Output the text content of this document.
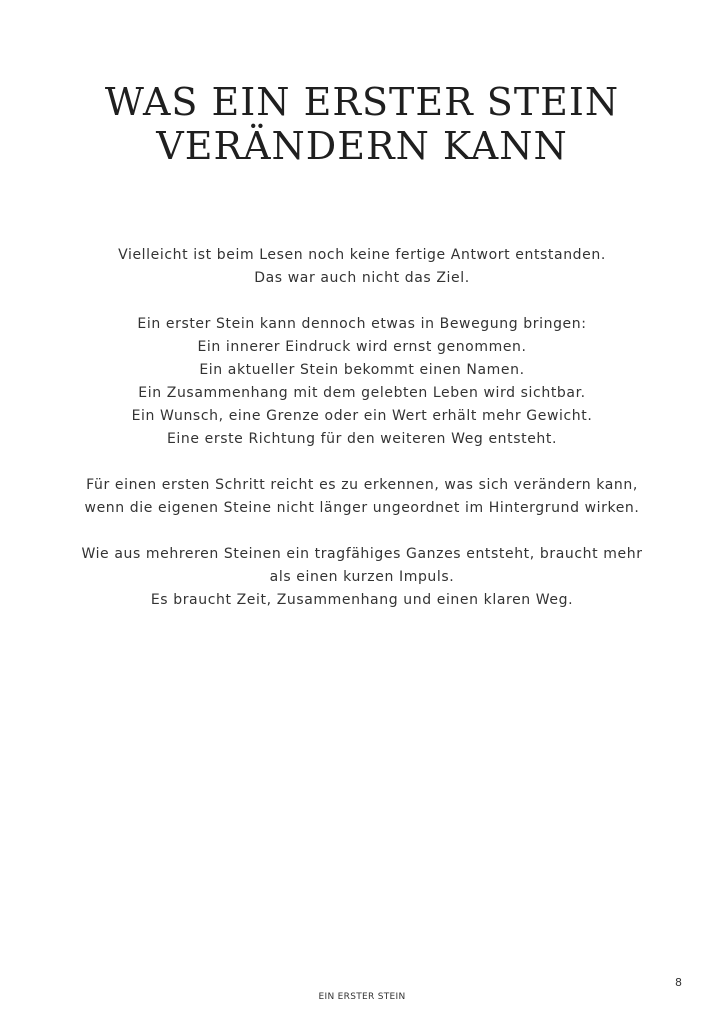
WAS EIN ERSTER STEIN
VERÄNDERN KANN

Vielleicht ist beim Lesen noch keine fertige Antwort entstanden.
Das war auch nicht das Ziel.

Ein erster Stein kann dennoch etwas in Bewegung bringen:
Ein innerer Eindruck wird ernst genommen.
Ein aktueller Stein bekommt einen Namen.
Ein Zusammenhang mit dem gelebten Leben wird sichtbar.
Ein Wunsch, eine Grenze oder ein Wert erhält mehr Gewicht.
Eine erste Richtung für den weiteren Weg entsteht.

Für einen ersten Schritt reicht es zu erkennen, was sich verändern kann,
wenn die eigenen Steine nicht länger ungeordnet im Hintergrund wirken.

Wie aus mehreren Steinen ein tragfähiges Ganzes entsteht, braucht mehr
als einen kurzen Impuls.
Es braucht Zeit, Zusammenhang und einen klaren Weg.

8
EIN ERSTER STEIN
